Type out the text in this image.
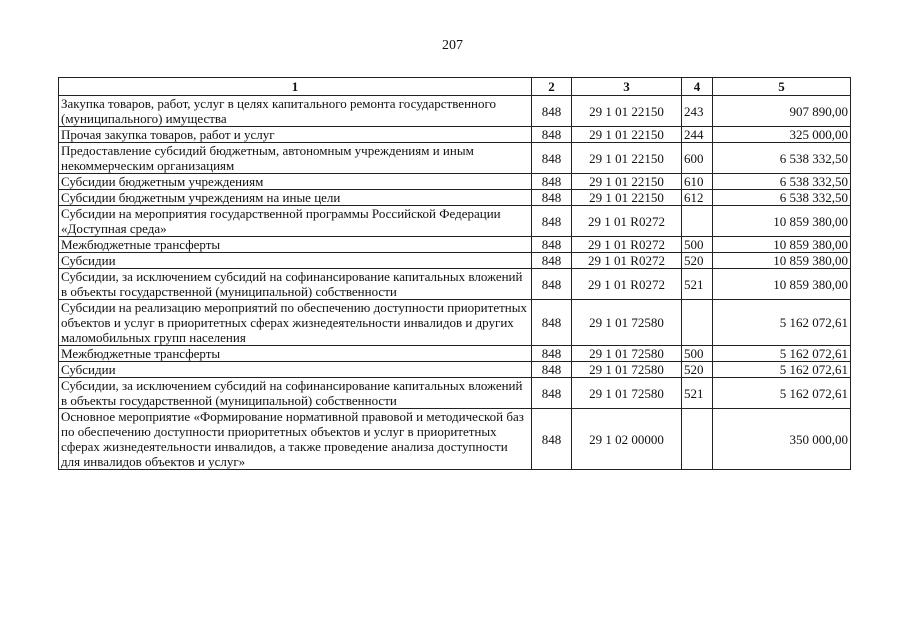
207
1	2	3	4	5
Закупка товаров, работ, услуг в целях капитального ремонта государственного (муниципального) имущества	848	29 1 01 22150	243	907 890,00
Прочая закупка товаров, работ и услуг	848	29 1 01 22150	244	325 000,00
Предоставление субсидий бюджетным, автономным учреждениям и иным некоммерческим организациям	848	29 1 01 22150	600	6 538 332,50
Субсидии бюджетным учреждениям	848	29 1 01 22150	610	6 538 332,50
Субсидии бюджетным учреждениям на иные цели	848	29 1 01 22150	612	6 538 332,50
Субсидии на мероприятия государственной программы Российской Федерации «Доступная среда»	848	29 1 01 R0272		10 859 380,00
Межбюджетные трансферты	848	29 1 01 R0272	500	10 859 380,00
Субсидии	848	29 1 01 R0272	520	10 859 380,00
Субсидии, за исключением субсидий на софинансирование капитальных вложений в объекты государственной (муниципальной) собственности	848	29 1 01 R0272	521	10 859 380,00
Субсидии на реализацию мероприятий по обеспечению доступности приоритетных объектов и услуг в приоритетных сферах жизнедеятельности инвалидов и других маломобильных групп населения	848	29 1 01 72580		5 162 072,61
Межбюджетные трансферты	848	29 1 01 72580	500	5 162 072,61
Субсидии	848	29 1 01 72580	520	5 162 072,61
Субсидии, за исключением субсидий на софинансирование капитальных вложений в объекты государственной (муниципальной) собственности	848	29 1 01 72580	521	5 162 072,61
Основное мероприятие «Формирование нормативной правовой и методической баз по обеспечению доступности приоритетных объектов и услуг в приоритетных сферах жизнедеятельности инвалидов, а также проведение анализа доступности для инвалидов объектов и услуг»	848	29 1 02 00000		350 000,00
